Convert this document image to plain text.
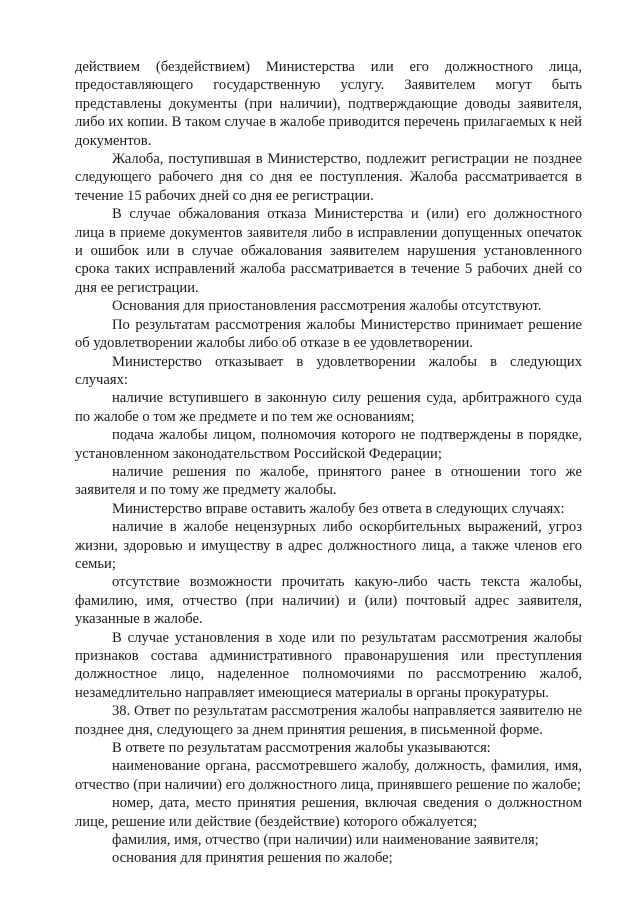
действием (бездействием) Министерства или его должностного лица, предоставляющего государственную услугу. Заявителем могут быть представлены документы (при наличии), подтверждающие доводы заявителя, либо их копии. В таком случае в жалобе приводится перечень прилагаемых к ней документов.

Жалоба, поступившая в Министерство, подлежит регистрации не позднее следующего рабочего дня со дня ее поступления. Жалоба рассматривается в течение 15 рабочих дней со дня ее регистрации.

В случае обжалования отказа Министерства и (или) его должностного лица в приеме документов заявителя либо в исправлении допущенных опечаток и ошибок или в случае обжалования заявителем нарушения установленного срока таких исправлений жалоба рассматривается в течение 5 рабочих дней со дня ее регистрации.

Основания для приостановления рассмотрения жалобы отсутствуют.

По результатам рассмотрения жалобы Министерство принимает решение об удовлетворении жалобы либо об отказе в ее удовлетворении.

Министерство отказывает в удовлетворении жалобы в следующих случаях:

наличие вступившего в законную силу решения суда, арбитражного суда по жалобе о том же предмете и по тем же основаниям;

подача жалобы лицом, полномочия которого не подтверждены в порядке, установленном законодательством Российской Федерации;

наличие решения по жалобе, принятого ранее в отношении того же заявителя и по тому же предмету жалобы.

Министерство вправе оставить жалобу без ответа в следующих случаях:

наличие в жалобе нецензурных либо оскорбительных выражений, угроз жизни, здоровью и имуществу в адрес должностного лица, а также членов его семьи;

отсутствие возможности прочитать какую-либо часть текста жалобы, фамилию, имя, отчество (при наличии) и (или) почтовый адрес заявителя, указанные в жалобе.

В случае установления в ходе или по результатам рассмотрения жалобы признаков состава административного правонарушения или преступления должностное лицо, наделенное полномочиями по рассмотрению жалоб, незамедлительно направляет имеющиеся материалы в органы прокуратуры.

38. Ответ по результатам рассмотрения жалобы направляется заявителю не позднее дня, следующего за днем принятия решения, в письменной форме.

В ответе по результатам рассмотрения жалобы указываются:

наименование органа, рассмотревшего жалобу, должность, фамилия, имя, отчество (при наличии) его должностного лица, принявшего решение по жалобе;

номер, дата, место принятия решения, включая сведения о должностном лице, решение или действие (бездействие) которого обжалуется;

фамилия, имя, отчество (при наличии) или наименование заявителя;

основания для принятия решения по жалобе;
